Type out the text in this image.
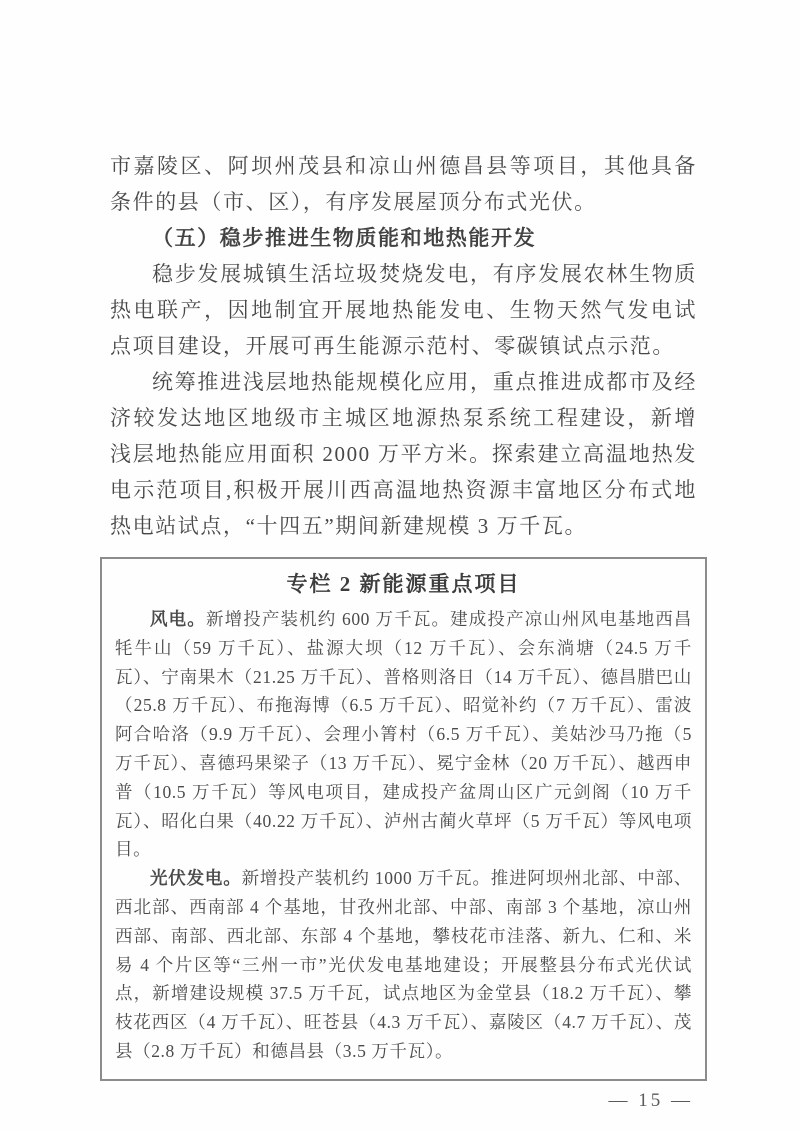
市嘉陵区、阿坝州茂县和凉山州德昌县等项目，其他具备条件的县（市、区），有序发展屋顶分布式光伏。

（五）稳步推进生物质能和地热能开发

稳步发展城镇生活垃圾焚烧发电，有序发展农林生物质热电联产，因地制宜开展地热能发电、生物天然气发电试点项目建设，开展可再生能源示范村、零碳镇试点示范。

统筹推进浅层地热能规模化应用，重点推进成都市及经济较发达地区地级市主城区地源热泵系统工程建设，新增浅层地热能应用面积 2000 万平方米。探索建立高温地热发电示范项目,积极开展川西高温地热资源丰富地区分布式地热电站试点，“十四五”期间新建规模 3 万千瓦。

专栏 2 新能源重点项目

风电。新增投产装机约 600 万千瓦。建成投产凉山州风电基地西昌牦牛山（59 万千瓦）、盐源大坝（12 万千瓦）、会东淌塘（24.5 万千瓦）、宁南果木（21.25 万千瓦）、普格则洛日（14 万千瓦）、德昌腊巴山（25.8 万千瓦）、布拖海博（6.5 万千瓦）、昭觉补约（7 万千瓦）、雷波阿合哈洛（9.9 万千瓦）、会理小箐村（6.5 万千瓦）、美姑沙马乃拖（5 万千瓦）、喜德玛果梁子（13 万千瓦）、冕宁金林（20 万千瓦）、越西申普（10.5 万千瓦）等风电项目，建成投产盆周山区广元剑阁（10 万千瓦）、昭化白果（40.22 万千瓦）、泸州古蔺火草坪（5 万千瓦）等风电项目。

光伏发电。新增投产装机约 1000 万千瓦。推进阿坝州北部、中部、西北部、西南部 4 个基地，甘孜州北部、中部、南部 3 个基地，凉山州西部、南部、西北部、东部 4 个基地，攀枝花市洼落、新九、仁和、米易 4 个片区等“三州一市”光伏发电基地建设；开展整县分布式光伏试点，新增建设规模 37.5 万千瓦，试点地区为金堂县（18.2 万千瓦）、攀枝花西区（4 万千瓦）、旺苍县（4.3 万千瓦）、嘉陵区（4.7 万千瓦）、茂县（2.8 万千瓦）和德昌县（3.5 万千瓦）。

— 15 —
